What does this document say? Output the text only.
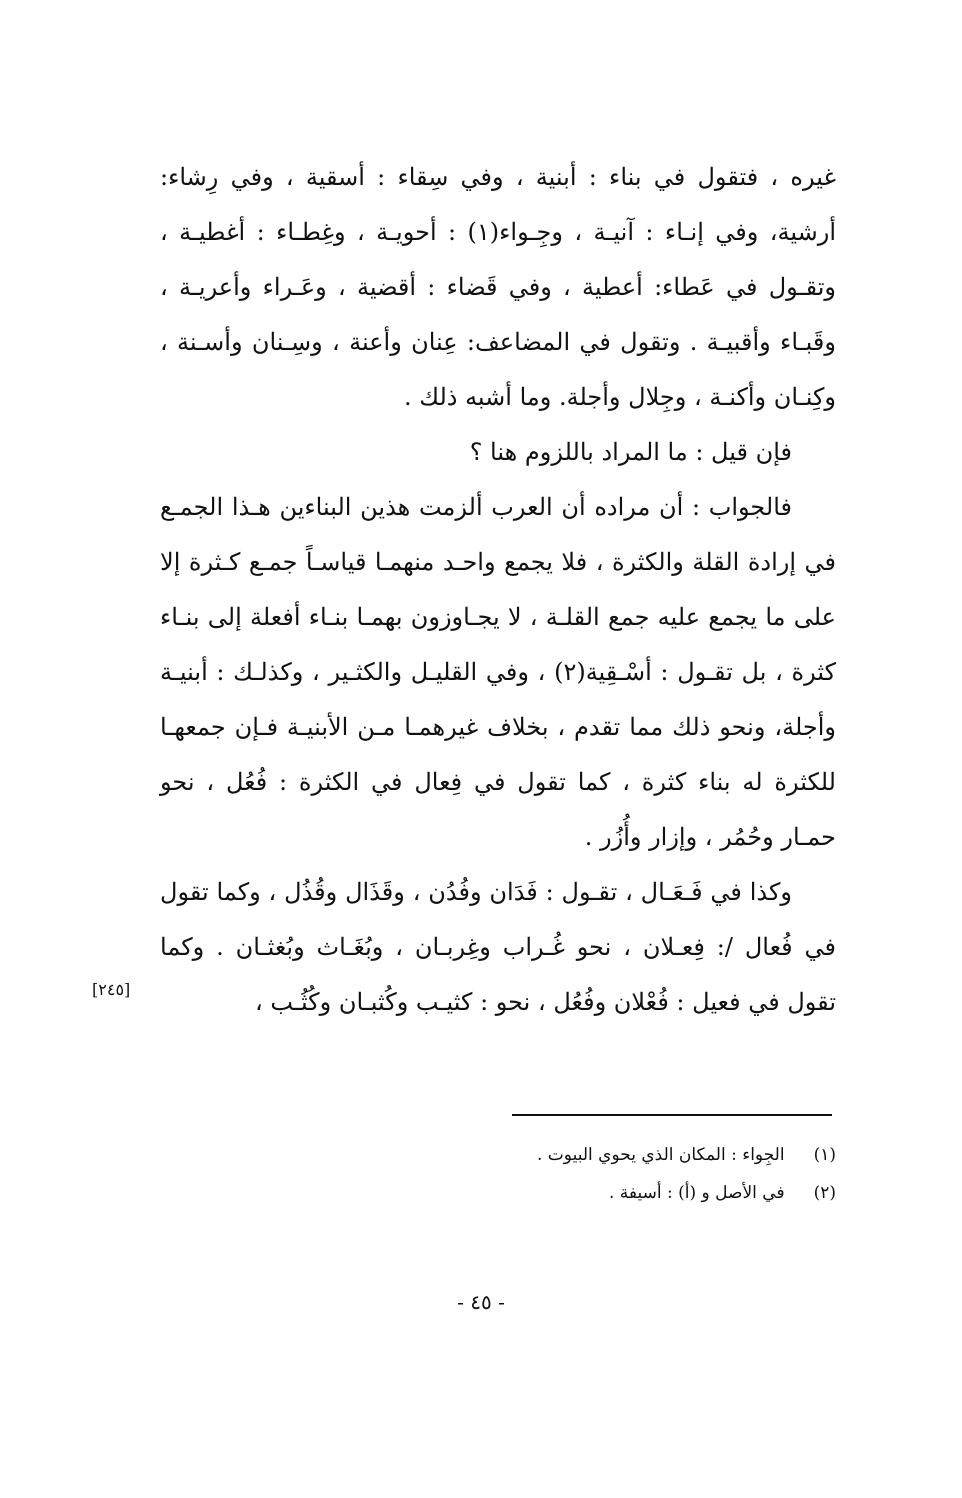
غيره ، فتقول في بناء : أبنية ، وفي سِقاء : أسقية ، وفي رِشاء: أرشية، وفي إنـاء : آنيـة ، وجِـواء(١) : أحويـة ، وغِطـاء : أغطيـة ، وتقـول في عَطاء: أعطية ، وفي قَضاء : أقضية ، وعَـراء وأعريـة ، وقَبـاء وأقبيـة . وتقول في المضاعف: عِنان وأعنة ، وسِـنان وأسـنة ، وكِنـان وأكنـة ، وجِلال وأجلة. وما أشبه ذلك .

فإن قيل : ما المراد باللزوم هنا ؟

فالجواب : أن مراده أن العرب ألزمت هذين البناءين هـذا الجمـع في إرادة القلة والكثرة ، فلا يجمع واحـد منهمـا قياسـاً جمـع كـثرة إلا على ما يجمع عليه جمع القلـة ، لا يجـاوزون بهمـا بنـاء أفعلة إلى بنـاء كثرة ، بل تقـول : أسْـقِية(٢) ، وفي القليـل والكثـير ، وكذلـك : أبنيـة وأجلة، ونحو ذلك مما تقدم ، بخلاف غيرهمـا مـن الأبنيـة فـإن جمعهـا للكثرة له بناء كثرة ، كما تقول في فِعال في الكثرة : فُعُل ، نحو حمـار وحُمُر ، وإزار وأُزُر .

وكذا في فَـعَـال ، تقـول : فَدَان وفُدُن ، وقَذَال وقُذُل ، وكما تقول في فُعال /: فِعـلان ، نحو غُـراب وغِربـان ، وبُغَـاث وبُغثـان . وكما تقول في فعيل : فُعْلان وفُعُل ، نحو : كثيـب وكُثبـان وكُثُـب ،

[٢٤٥]
(١) الجِواء : المكان الذي يحوي البيوت .
(٢) في الأصل و (أ) : أسيفة .
- ٤٥ -
